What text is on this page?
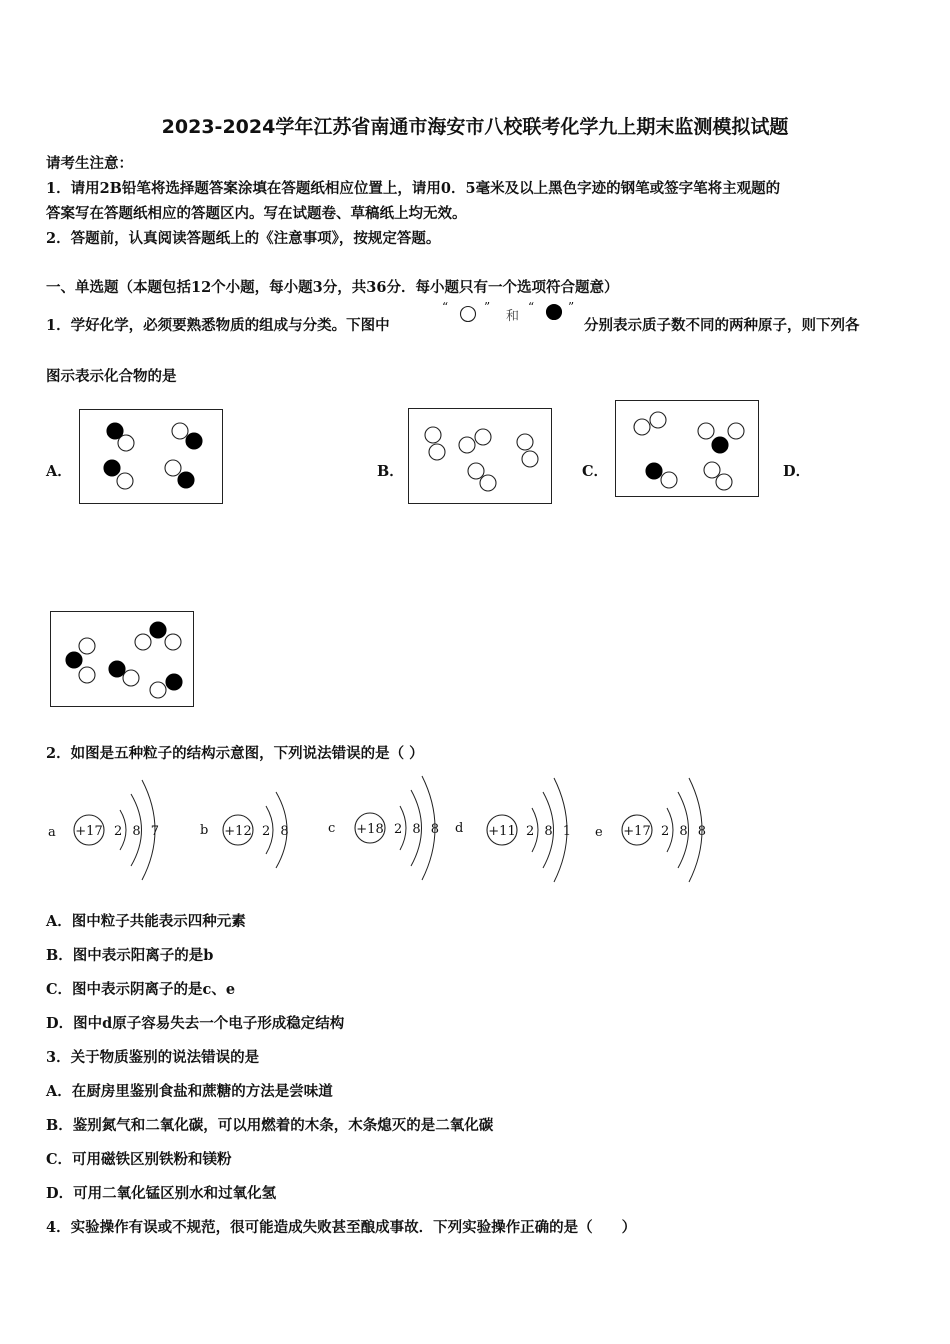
2023-2024学年江苏省南通市海安市八校联考化学九上期末监测模拟试题
请考生注意：
1．请用2B铅笔将选择题答案涂填在答题纸相应位置上，请用0．5毫米及以上黑色字迹的钢笔或签字笔将主观题的
答案写在答题纸相应的答题区内。写在试题卷、草稿纸上均无效。
2．答题前，认真阅读答题纸上的《注意事项》，按规定答题。
一、单选题（本题包括12个小题，每小题3分，共36分．每小题只有一个选项符合题意）
1．学好化学，必须要熟悉物质的组成与分类。下图中
“	”
和
“	”
分别表示质子数不同的两种原子，则下列各
图示表示化合物的是
A．	B．	C．	D．
2．如图是五种粒子的结构示意图，下列说法错误的是（ ）
a +17 2 8 7	b +12 2 8	c +18 2 8 8 d +11 2 8 1 e +17 2 8 8
A．图中粒子共能表示四种元素
B．图中表示阳离子的是b
C．图中表示阴离子的是c、e
D．图中d原子容易失去一个电子形成稳定结构
3．关于物质鉴别的说法错误的是
A．在厨房里鉴别食盐和蔗糖的方法是尝味道
B．鉴别氮气和二氧化碳，可以用燃着的木条，木条熄灭的是二氧化碳
C．可用磁铁区别铁粉和镁粉
D．可用二氧化锰区别水和过氧化氢
4．实验操作有误或不规范，很可能造成失败甚至酿成事故．下列实验操作正确的是（　　）
